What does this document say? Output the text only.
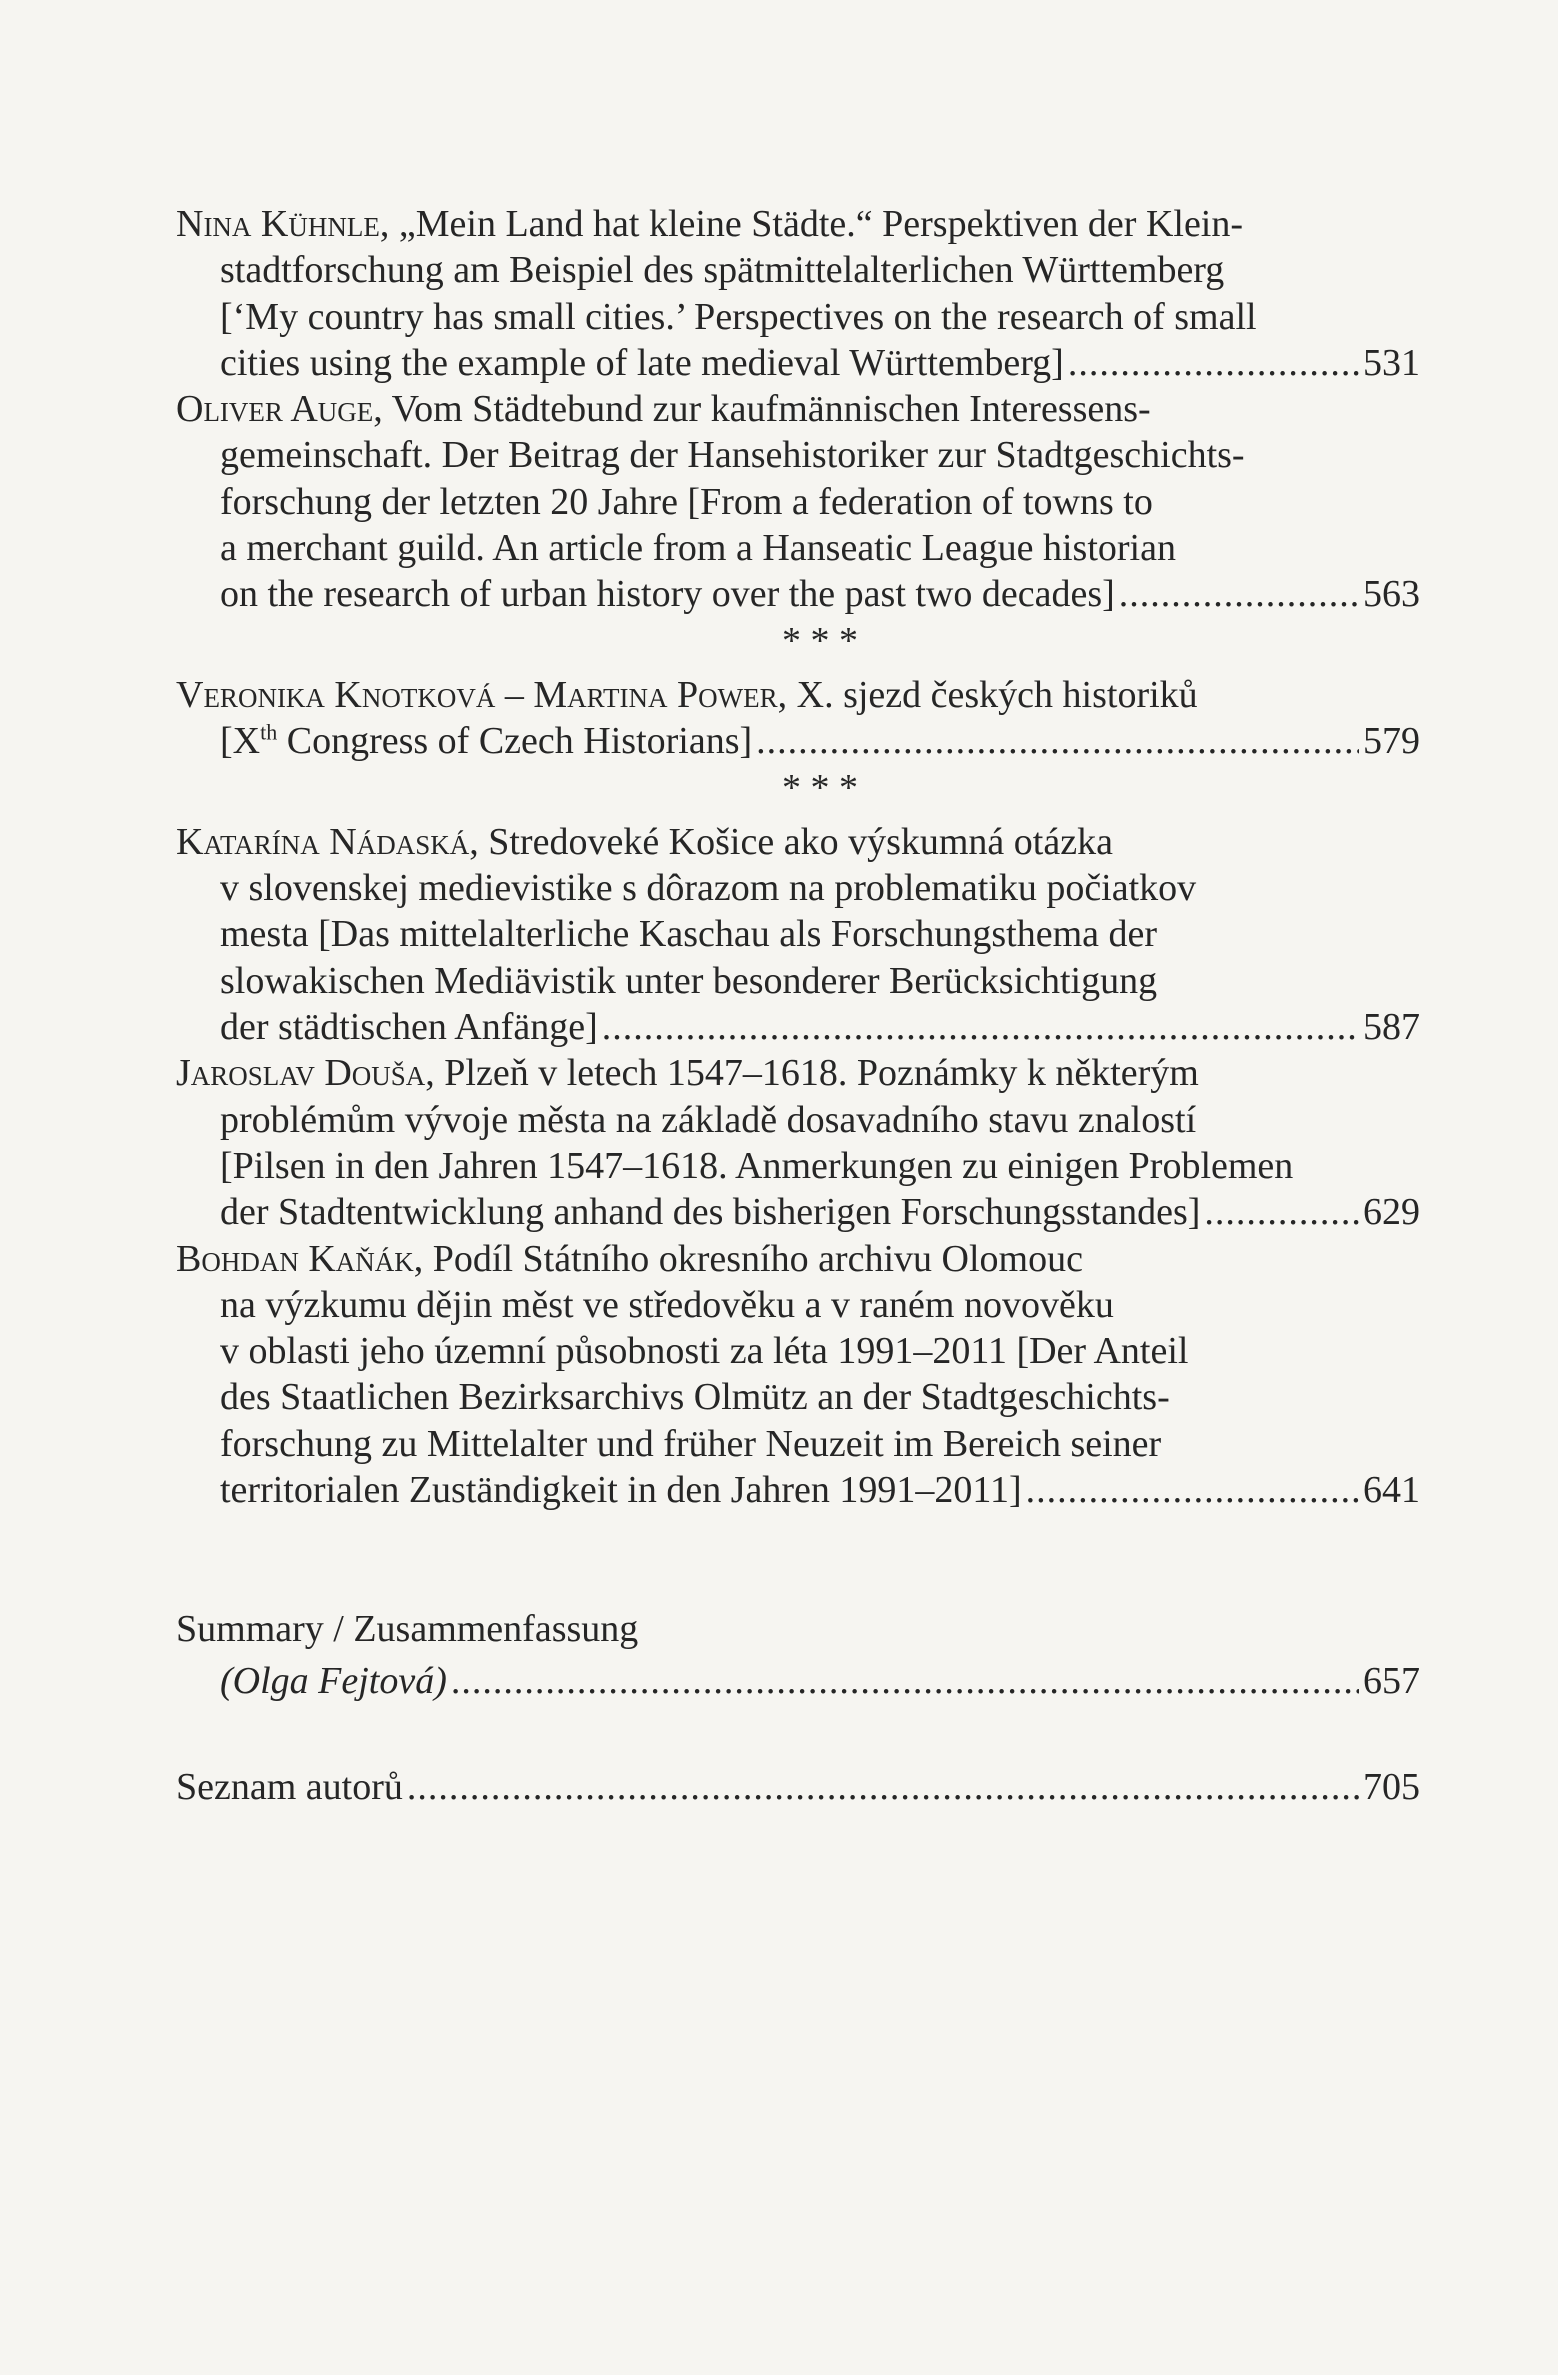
Nina Kühnle, „Mein Land hat kleine Städte.“ Perspektiven der Klein-
stadtforschung am Beispiel des spätmittelalterlichen Württemberg
[‘My country has small cities.’ Perspectives on the research of small
cities using the example of late medieval Württemberg] .....	531
Oliver Auge, Vom Städtebund zur kaufmännischen Interessens-
gemeinschaft. Der Beitrag der Hansehistoriker zur Stadtgeschichts-
forschung der letzten 20 Jahre [From a federation of towns to
a merchant guild. An article from a Hanseatic League historian
on the research of urban history over the past two decades] .....	563
* * *
Veronika Knotková – Martina Power, X. sjezd českých historiků
[Xth Congress of Czech Historians] .....	579
* * *
Katarína Nádaská, Stredoveké Košice ako výskumná otázka
v slovenskej medievistike s dôrazom na problematiku počiatkov
mesta [Das mittelalterliche Kaschau als Forschungsthema der
slowakischen Mediävistik unter besonderer Berücksichtigung
der städtischen Anfänge] .....	587
Jaroslav Douša, Plzeň v letech 1547–1618. Poznámky k některým
problémům vývoje města na základě dosavadního stavu znalostí
[Pilsen in den Jahren 1547–1618. Anmerkungen zu einigen Problemen
der Stadtentwicklung anhand des bisherigen Forschungsstandes] .....	629
Bohdan Kaňák, Podíl Státního okresního archivu Olomouc
na výzkumu dějin měst ve středověku a v raném novověku
v oblasti jeho územní působnosti za léta 1991–2011 [Der Anteil
des Staatlichen Bezirksarchivs Olmütz an der Stadtgeschichts-
forschung zu Mittelalter und früher Neuzeit im Bereich seiner
territorialen Zuständigkeit in den Jahren 1991–2011] .....	641
Summary / Zusammenfassung
(Olga Fejtová) .....	657
Seznam autorů .....	705
